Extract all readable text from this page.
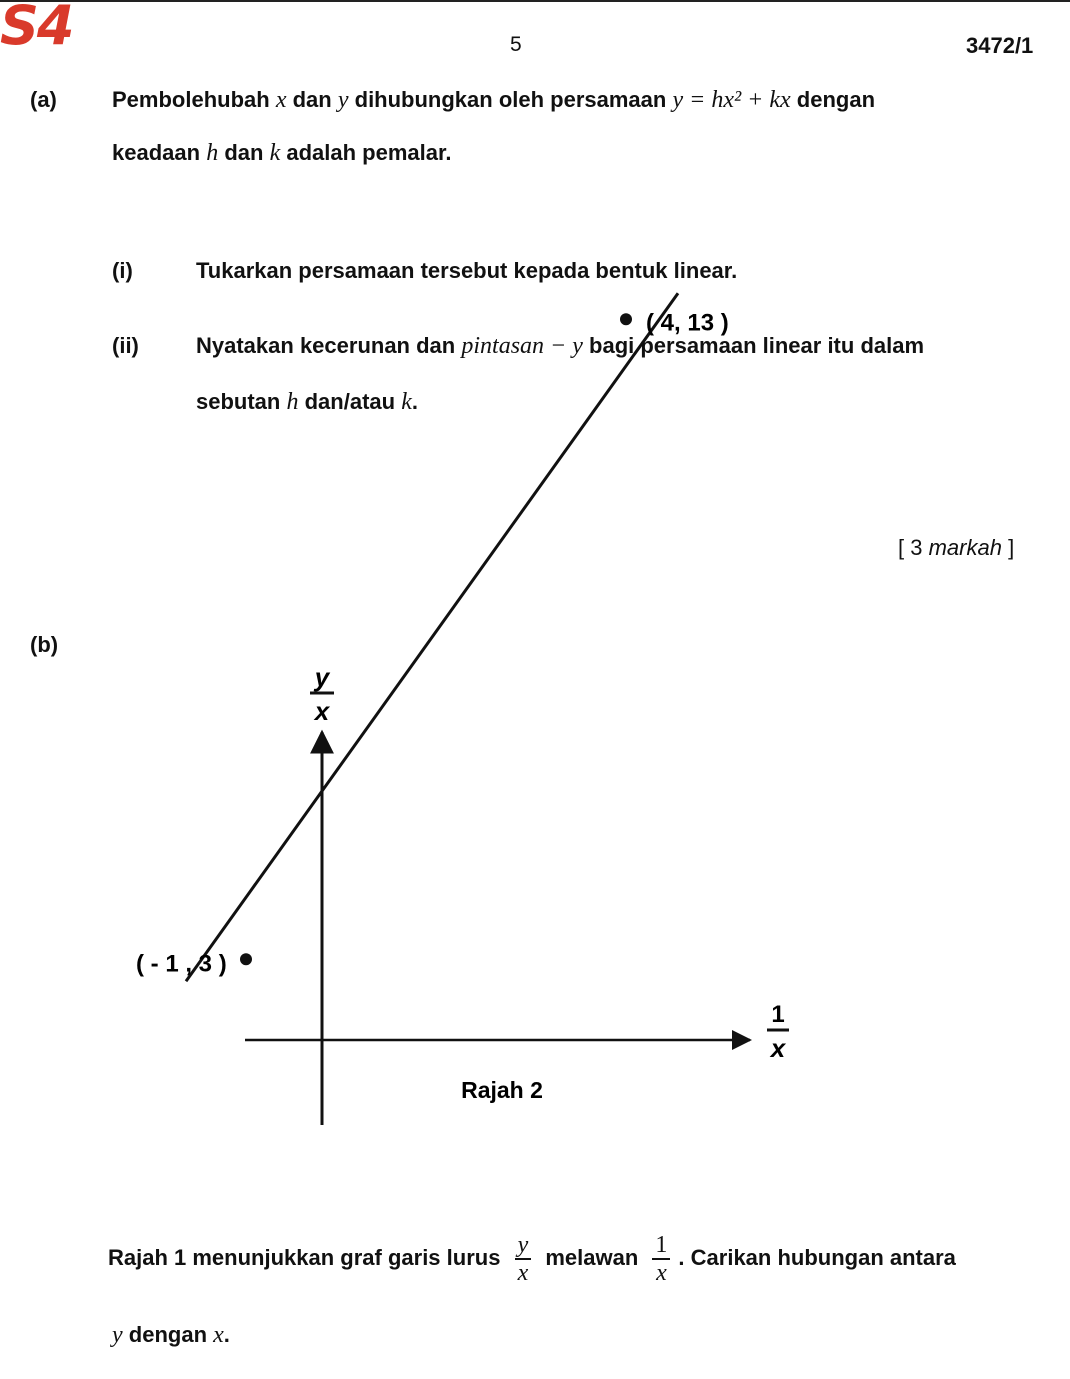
S4	5	3472/1
(a)	Pembolehubah x dan y dihubungkan oleh persamaan y = hx² + kx dengan
keadaan h dan k adalah pemalar.
(i)	Tukarkan persamaan tersebut kepada bentuk linear.
(ii)	Nyatakan kecerunan dan pintasan − y bagi persamaan linear itu dalam
sebutan h dan/atau k.
[ 3 markah ]
(b)
( - 1 , 3 )
( 4, 13 )
y
x
1
x
Rajah 2
Rajah 1 menunjukkan graf garis lurus $\frac{y}{x}$ melawan $\frac{1}{x}$ . Carikan hubungan antara
y dengan x.
